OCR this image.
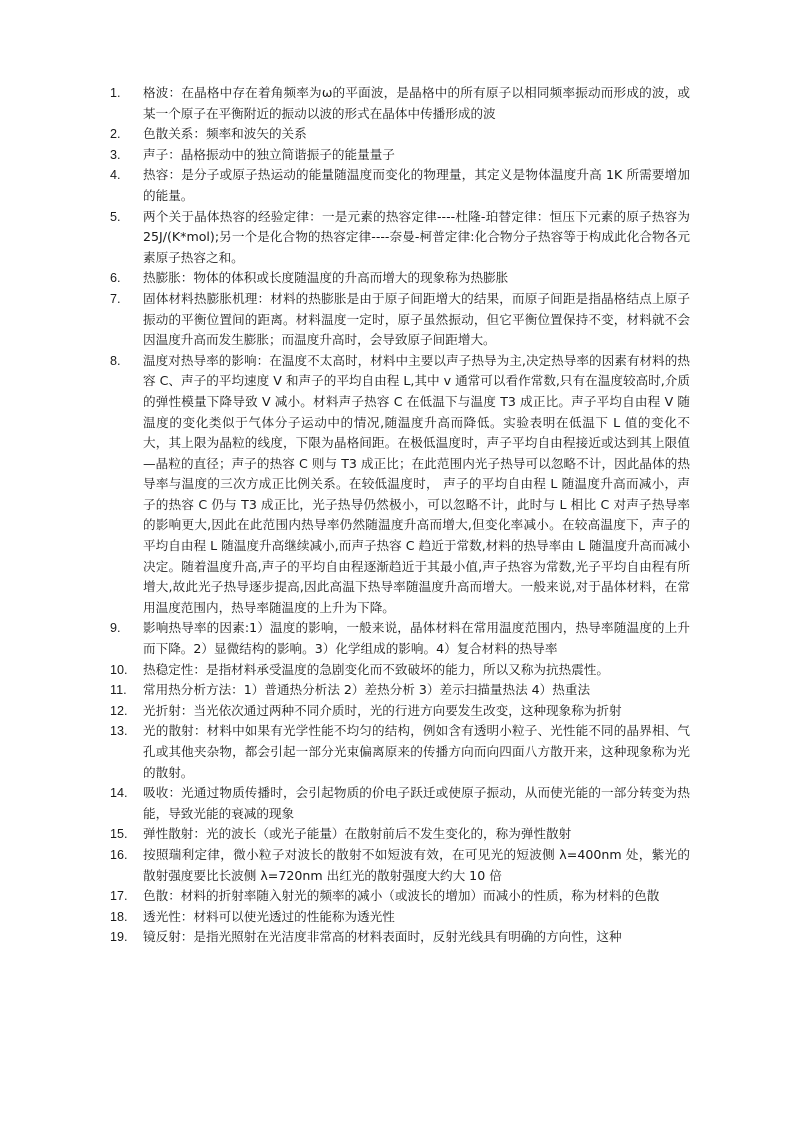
1.	格波：在晶格中存在着角频率为ω的平面波，是晶格中的所有原子以相同频率振动而形成的波，或某一个原子在平衡附近的振动以波的形式在晶体中传播形成的波
2.	色散关系：频率和波矢的关系
3.	声子：晶格振动中的独立简谐振子的能量量子
4.	热容：是分子或原子热运动的能量随温度而变化的物理量，其定义是物体温度升高 1K 所需要增加的能量。
5.	两个关于晶体热容的经验定律：一是元素的热容定律----杜隆-珀替定律：恒压下元素的原子热容为 25J/(K*mol);另一个是化合物的热容定律----奈曼-柯普定律:化合物分子热容等于构成此化合物各元素原子热容之和。
6.	热膨胀：物体的体积或长度随温度的升高而增大的现象称为热膨胀
7.	固体材料热膨胀机理：材料的热膨胀是由于原子间距增大的结果，而原子间距是指晶格结点上原子振动的平衡位置间的距离。材料温度一定时，原子虽然振动，但它平衡位置保持不变，材料就不会因温度升高而发生膨胀；而温度升高时，会导致原子间距增大。
8.	温度对热导率的影响：在温度不太高时，材料中主要以声子热导为主,决定热导率的因素有材料的热容 C、声子的平均速度 V 和声子的平均自由程 L,其中 v 通常可以看作常数,只有在温度较高时,介质的弹性模量下降导致 V 减小。材料声子热容 C 在低温下与温度 T3 成正比。声子平均自由程 V 随温度的变化类似于气体分子运动中的情况,随温度升高而降低。实验表明在低温下 L 值的变化不大，其上限为晶粒的线度，下限为晶格间距。在极低温度时，声子平均自由程接近或达到其上限值—晶粒的直径；声子的热容 C 则与 T3 成正比；在此范围内光子热导可以忽略不计，因此晶体的热导率与温度的三次方成正比例关系。在较低温度时， 声子的平均自由程 L 随温度升高而减小，声子的热容 C 仍与 T3 成正比，光子热导仍然极小，可以忽略不计，此时与 L 相比 C 对声子热导率的影响更大,因此在此范围内热导率仍然随温度升高而增大,但变化率减小。在较高温度下，声子的平均自由程 L 随温度升高继续减小,而声子热容 C 趋近于常数,材料的热导率由 L 随温度升高而减小决定。随着温度升高,声子的平均自由程逐渐趋近于其最小值,声子热容为常数,光子平均自由程有所增大,故此光子热导逐步提高,因此高温下热导率随温度升高而增大。一般来说,对于晶体材料，在常用温度范围内，热导率随温度的上升为下降。
9.	影响热导率的因素:1）温度的影响，一般来说，晶体材料在常用温度范围内，热导率随温度的上升而下降。2）显微结构的影响。3）化学组成的影响。4）复合材料的热导率
10.	热稳定性：是指材料承受温度的急剧变化而不致破坏的能力，所以又称为抗热震性。
11.	常用热分析方法：1）普通热分析法 2）差热分析 3）差示扫描量热法 4）热重法
12.	光折射：当光依次通过两种不同介质时，光的行进方向要发生改变，这种现象称为折射
13.	光的散射：材料中如果有光学性能不均匀的结构，例如含有透明小粒子、光性能不同的晶界相、气孔或其他夹杂物，都会引起一部分光束偏离原来的传播方向而向四面八方散开来，这种现象称为光的散射。
14.	吸收：光通过物质传播时，会引起物质的价电子跃迁或使原子振动，从而使光能的一部分转变为热能，导致光能的衰减的现象
15.	弹性散射：光的波长（或光子能量）在散射前后不发生变化的，称为弹性散射
16.	按照瑞利定律，微小粒子对波长的散射不如短波有效，在可见光的短波侧 λ=400nm 处，紫光的散射强度要比长波侧 λ=720nm 出红光的散射强度大约大 10 倍
17.	色散：材料的折射率随入射光的频率的减小（或波长的增加）而减小的性质，称为材料的色散
18.	透光性：材料可以使光透过的性能称为透光性
19.	镜反射：是指光照射在光洁度非常高的材料表面时，反射光线具有明确的方向性，这种
